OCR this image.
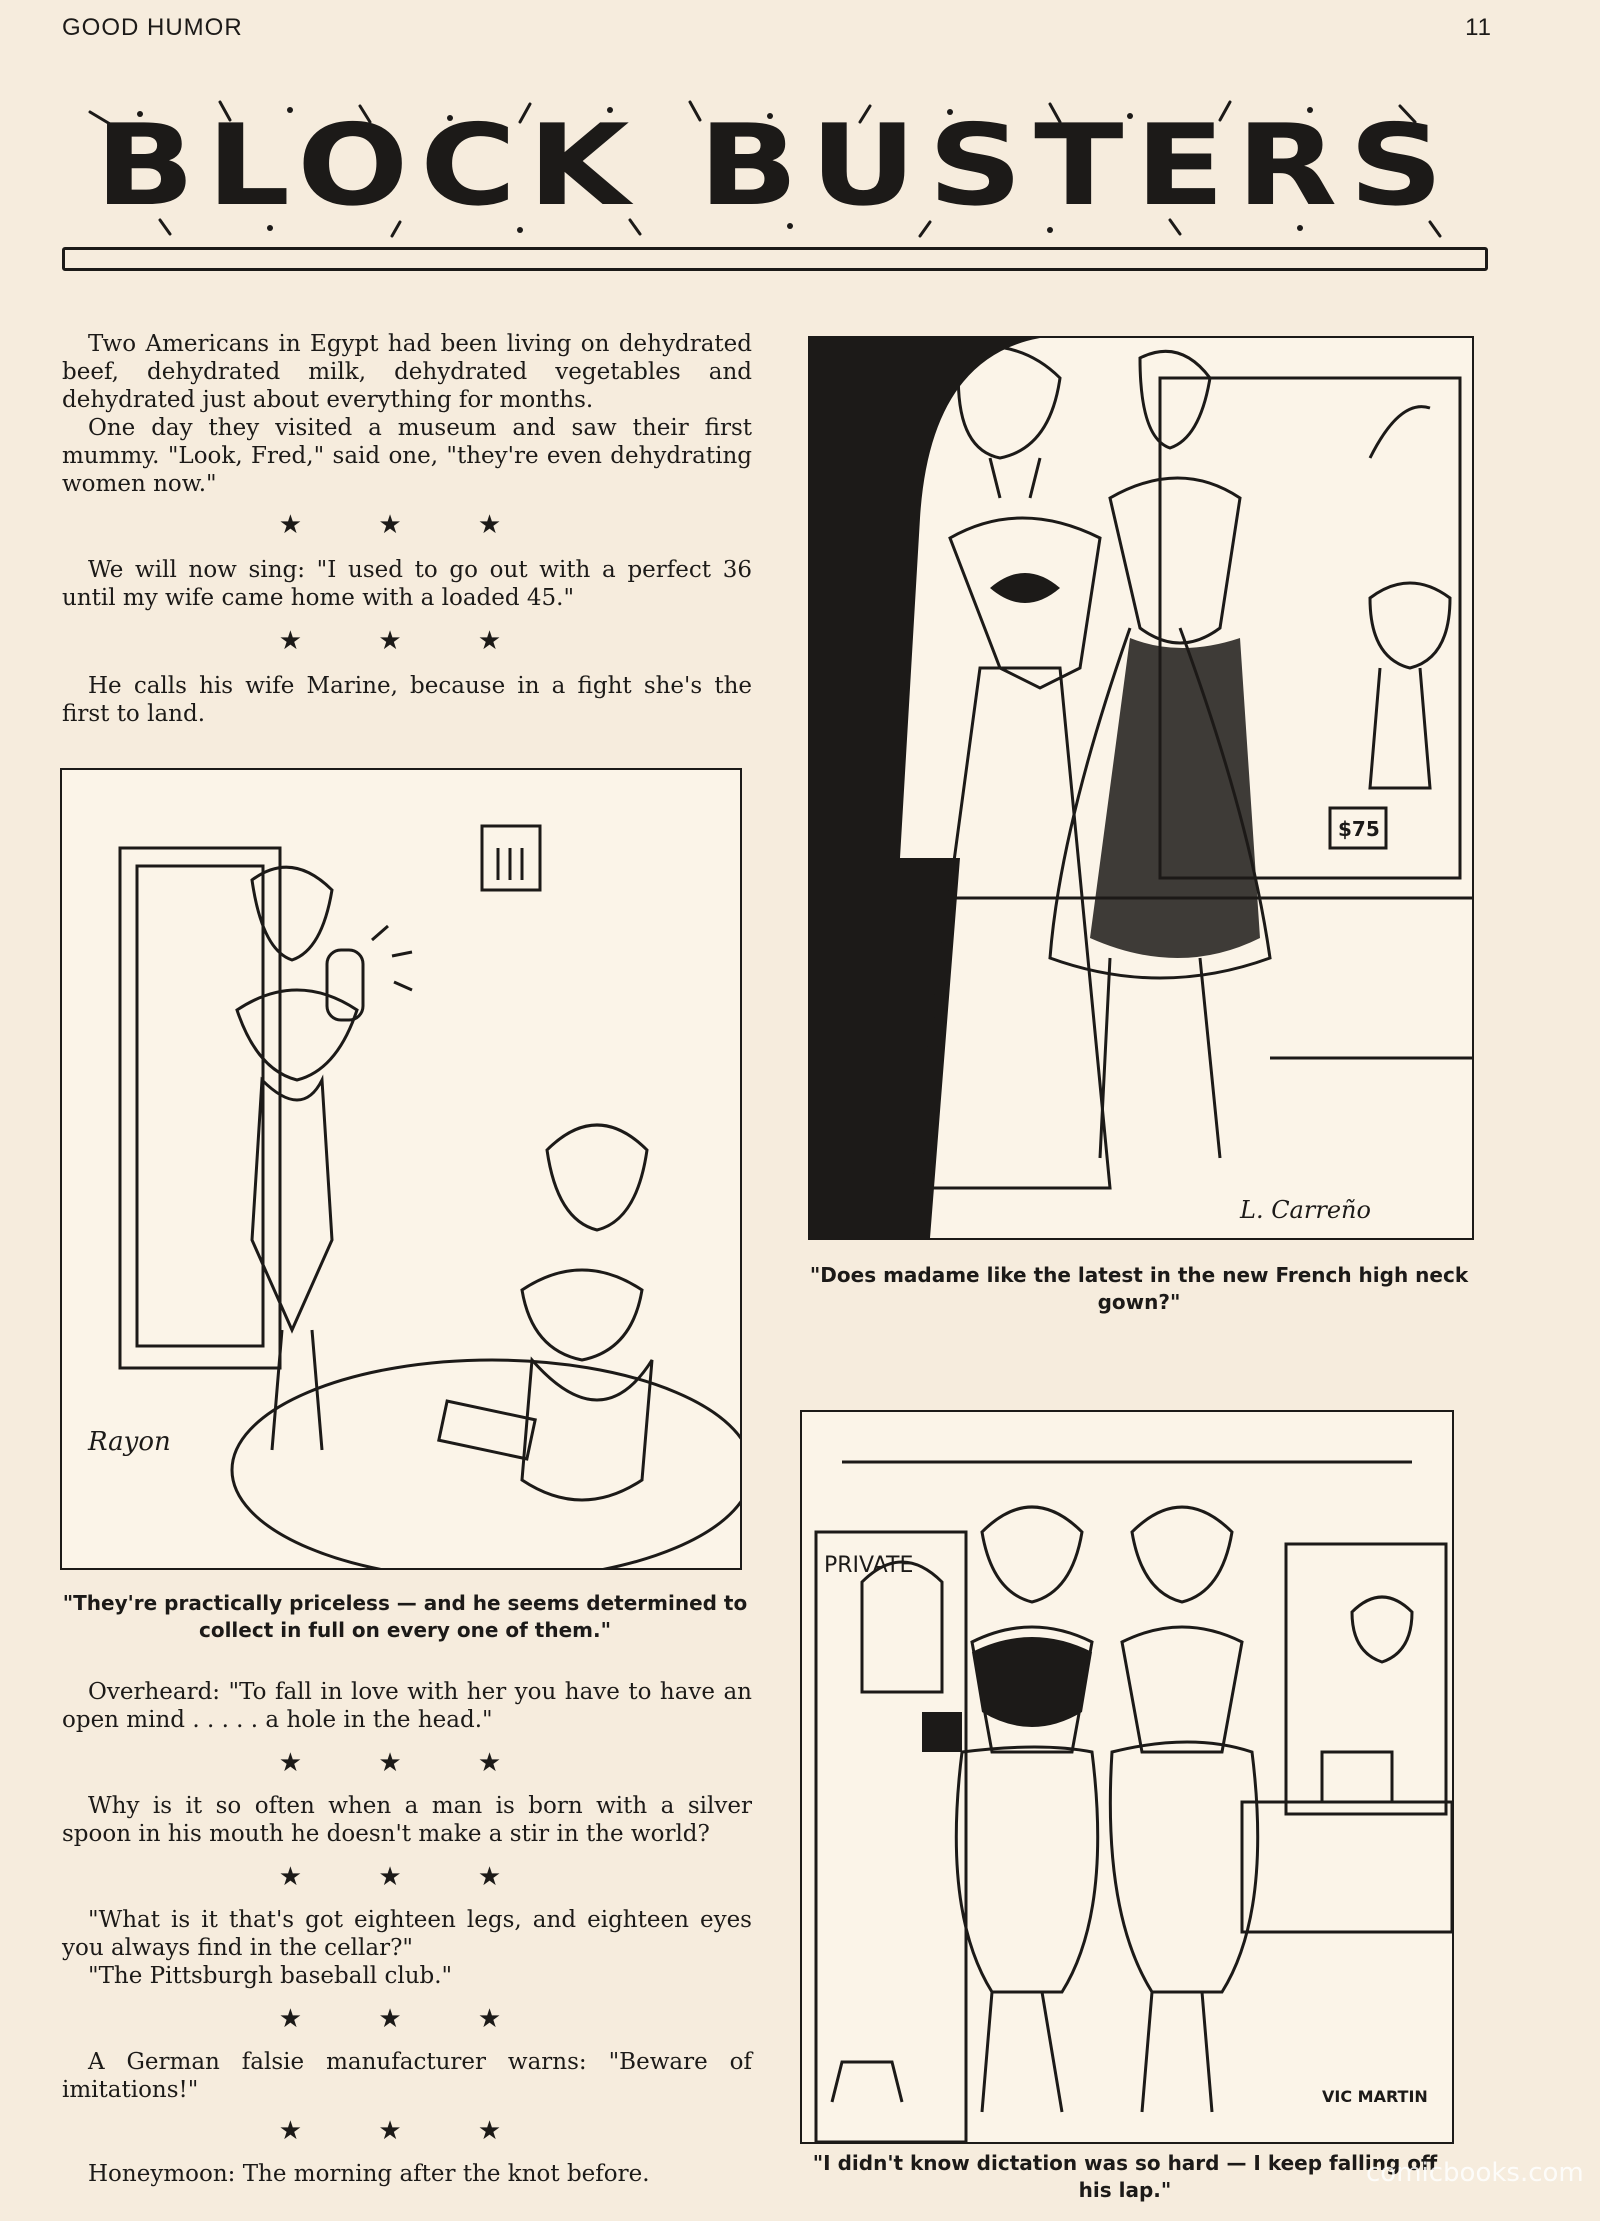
GOOD HUMOR	11
BLOCK BUSTERS

Two Americans in Egypt had been living on dehydrated beef, dehydrated milk, dehydrated vegetables and dehydrated just about everything for months.

One day they visited a museum and saw their first mummy. "Look, Fred," said one, "they're even dehydrating women now."

★ ★ ★

We will now sing: "I used to go out with a perfect 36 until my wife came home with a loaded 45."

★ ★ ★

He calls his wife Marine, because in a fight she's the first to land.

Rayon
"They're practically priceless — and he seems determined to collect in full on every one of them."

Overheard: "To fall in love with her you have to have an open mind . . . . . a hole in the head."

★ ★ ★

Why is it so often when a man is born with a silver spoon in his mouth he doesn't make a stir in the world?

★ ★ ★

"What is it that's got eighteen legs, and eighteen eyes you always find in the cellar?"

"The Pittsburgh baseball club."

★ ★ ★

A German falsie manufacturer warns: "Beware of imitations!"

★ ★ ★

Honeymoon: The morning after the knot before.

$75
L. Carreño
"Does madame like the latest in the new French high neck gown?"
PRIVATE
VIC MARTIN
"I didn't know dictation was so hard — I keep falling off his lap."
comicbooks.com
